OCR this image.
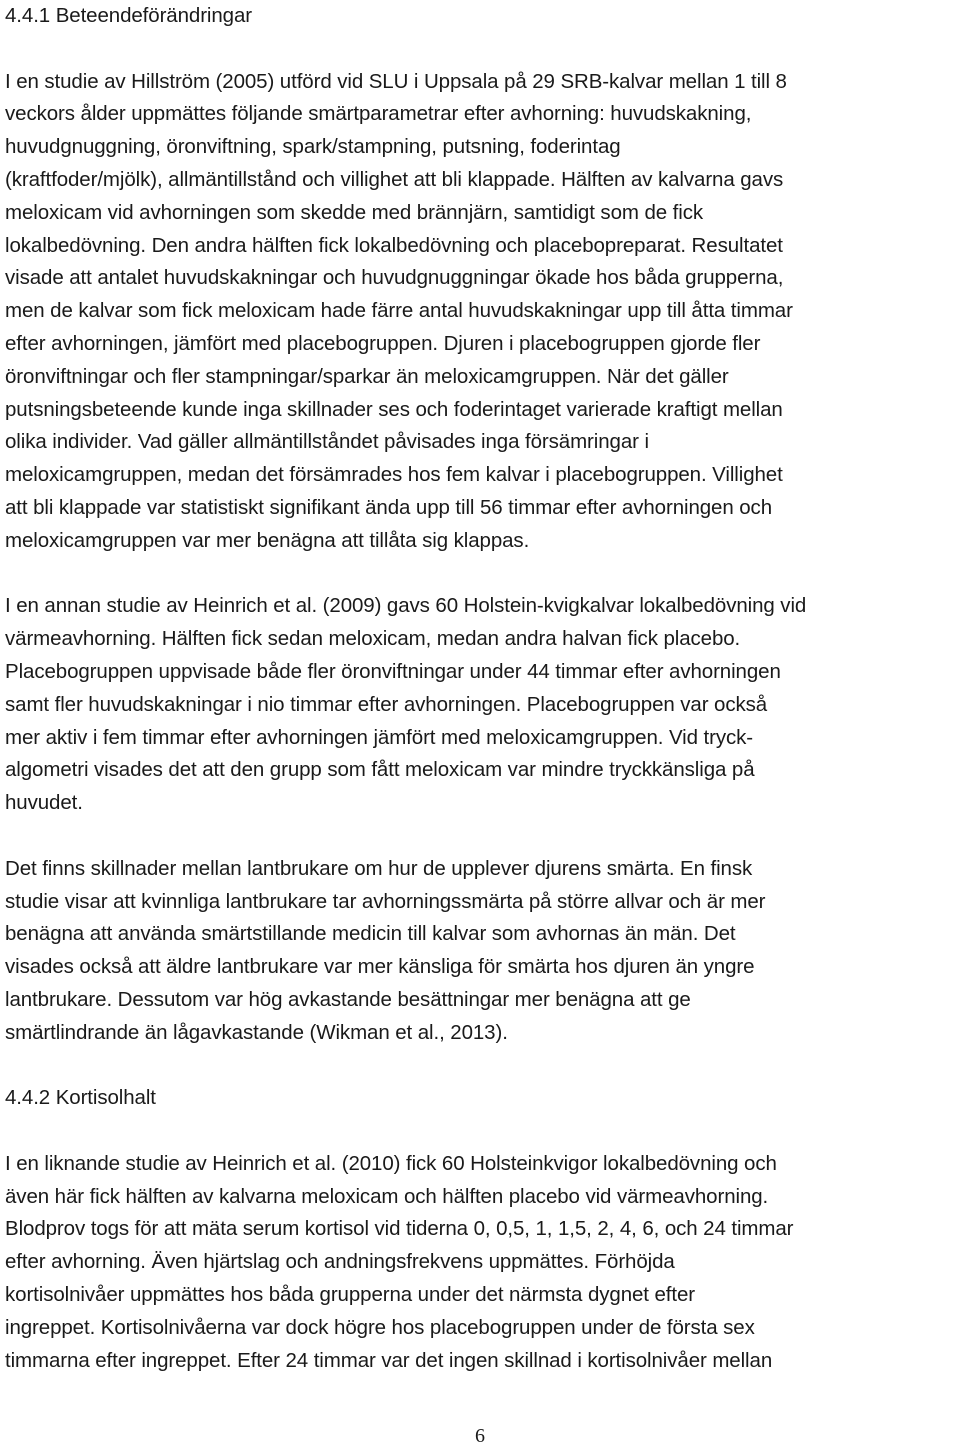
4.4.1 Beteendeförändringar

I en studie av Hillström (2005) utförd vid SLU i Uppsala på 29 SRB-kalvar mellan 1 till 8
veckors ålder uppmättes följande smärtparametrar efter avhorning: huvudskakning,
huvudgnuggning, öronviftning, spark/stampning, putsning, foderintag
(kraftfoder/mjölk), allmäntillstånd och villighet att bli klappade. Hälften av kalvarna gavs
meloxicam vid avhorningen som skedde med brännjärn, samtidigt som de fick
lokalbedövning. Den andra hälften fick lokalbedövning och placebopreparat. Resultatet
visade att antalet huvudskakningar och huvudgnuggningar ökade hos båda grupperna,
men de kalvar som fick meloxicam hade färre antal huvudskakningar upp till åtta timmar
efter avhorningen, jämfört med placebogruppen. Djuren i placebogruppen gjorde fler
öronviftningar och fler stampningar/sparkar än meloxicamgruppen. När det gäller
putsningsbeteende kunde inga skillnader ses och foderintaget varierade kraftigt mellan
olika individer. Vad gäller allmäntillståndet påvisades inga försämringar i
meloxicamgruppen, medan det försämrades hos fem kalvar i placebogruppen. Villighet
att bli klappade var statistiskt signifikant ända upp till 56 timmar efter avhorningen och
meloxicamgruppen var mer benägna att tillåta sig klappas.

I en annan studie av Heinrich et al. (2009) gavs 60 Holstein-kvigkalvar lokalbedövning vid
värmeavhorning. Hälften fick sedan meloxicam, medan andra halvan fick placebo.
Placebogruppen uppvisade både fler öronviftningar under 44 timmar efter avhorningen
samt fler huvudskakningar i nio timmar efter avhorningen. Placebogruppen var också
mer aktiv i fem timmar efter avhorningen jämfört med meloxicamgruppen. Vid tryck-
algometri visades det att den grupp som fått meloxicam var mindre tryckkänsliga på
huvudet.

Det finns skillnader mellan lantbrukare om hur de upplever djurens smärta. En finsk
studie visar att kvinnliga lantbrukare tar avhorningssmärta på större allvar och är mer
benägna att använda smärtstillande medicin till kalvar som avhornas än män. Det
visades också att äldre lantbrukare var mer känsliga för smärta hos djuren än yngre
lantbrukare. Dessutom var hög avkastande besättningar mer benägna att ge
smärtlindrande än lågavkastande (Wikman et al., 2013).

4.4.2 Kortisolhalt

I en liknande studie av Heinrich et al. (2010) fick 60 Holsteinkvigor lokalbedövning och
även här fick hälften av kalvarna meloxicam och hälften placebo vid värmeavhorning.
Blodprov togs för att mäta serum kortisol vid tiderna 0, 0,5, 1, 1,5, 2, 4, 6, och 24 timmar
efter avhorning. Även hjärtslag och andningsfrekvens uppmättes. Förhöjda
kortisolnivåer uppmättes hos båda grupperna under det närmsta dygnet efter
ingreppet. Kortisolnivåerna var dock högre hos placebogruppen under de första sex
timmarna efter ingreppet. Efter 24 timmar var det ingen skillnad i kortisolnivåer mellan

6
